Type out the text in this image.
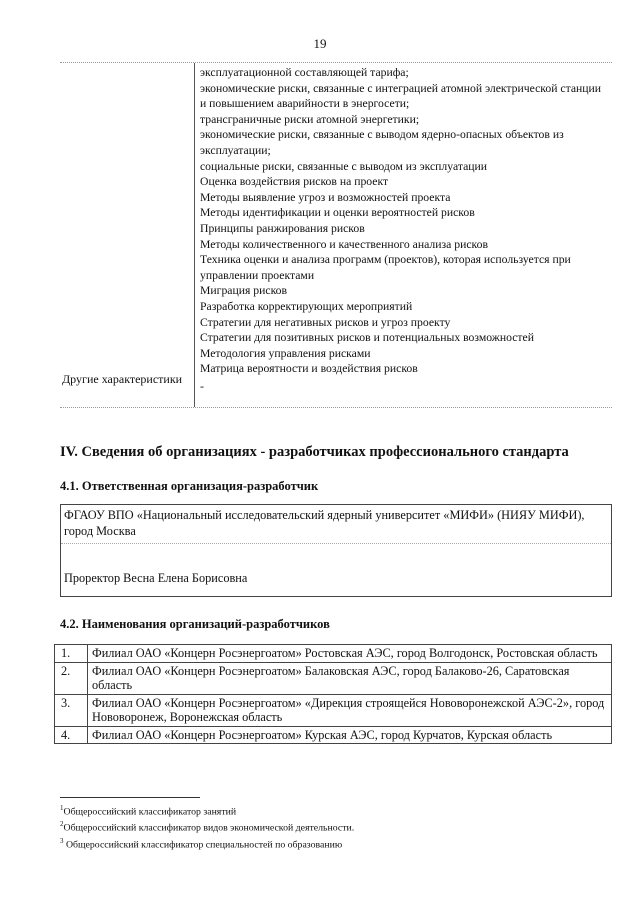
19
эксплуатационной составляющей тарифа;
экономические риски, связанные с интеграцией атомной электрической станции и повышением аварийности в энергосети;
трансграничные риски атомной энергетики;
экономические риски, связанные с выводом ядерно-опасных объектов из эксплуатации;
социальные риски, связанные с выводом из эксплуатации
Оценка воздействия рисков на проект
Методы выявление угроз и возможностей проекта
Методы идентификации и оценки вероятностей рисков
Принципы ранжирования рисков
Методы количественного и качественного анализа рисков
Техника оценки и анализа программ (проектов), которая используется при управлении проектами
Миграция рисков
Разработка корректирующих мероприятий
Стратегии для негативных рисков и угроз проекту
Стратегии для позитивных рисков и потенциальных возможностей
Методология управления рисками
Матрица вероятности и воздействия рисков
Другие характеристики	-
IV. Сведения об организациях - разработчиках профессионального стандарта
4.1. Ответственная организация-разработчик
ФГАОУ ВПО «Национальный исследовательский ядерный университет «МИФИ» (НИЯУ МИФИ), город Москва
Проректор Весна Елена Борисовна
4.2. Наименования организаций-разработчиков
1.	Филиал ОАО «Концерн Росэнергоатом» Ростовская АЭС, город Волгодонск, Ростовская область
2.	Филиал ОАО «Концерн Росэнергоатом» Балаковская АЭС, город Балаково-26, Саратовская область
3.	Филиал ОАО «Концерн Росэнергоатом» «Дирекция строящейся Нововоронежской АЭС-2», город Нововоронеж, Воронежская область
4.	Филиал ОАО «Концерн Росэнергоатом» Курская АЭС, город Курчатов, Курская область
$^1$Общероссийский классификатор занятий
$^2$Общероссийский классификатор видов экономической деятельности.
$^3$ Общероссийский классификатор специальностей по образованию
